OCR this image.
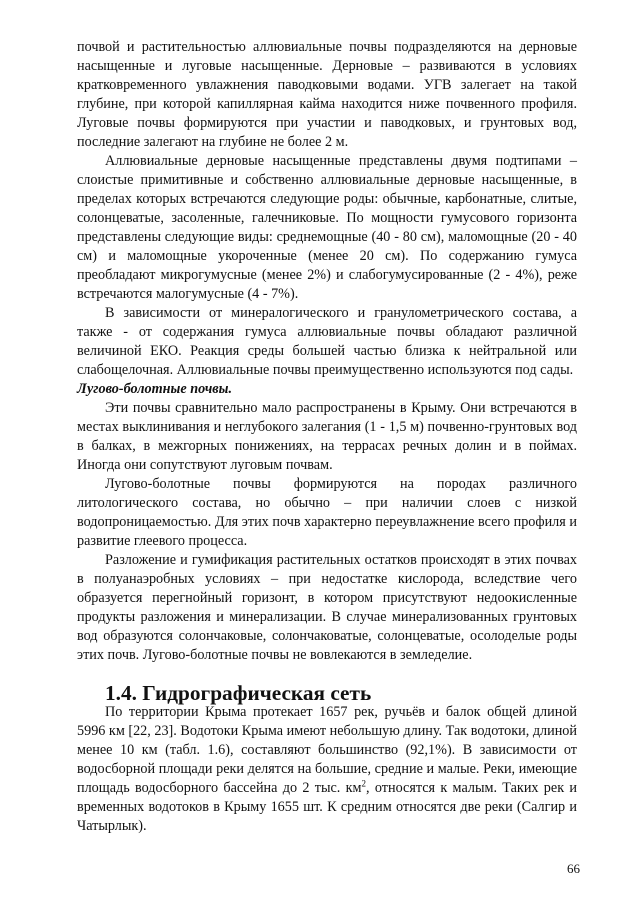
почвой и растительностью аллювиальные почвы подразделяются на дерновые насыщенные и луговые насыщенные. Дерновые – развиваются в условиях кратковременного увлажнения паводковыми водами. УГВ залегает на такой глубине, при которой капиллярная кайма находится ниже почвенного профиля. Луговые почвы формируются при участии и паводковых, и грунтовых вод, последние залегают на глубине не более 2 м.

Аллювиальные дерновые насыщенные представлены двумя подтипами – слоистые примитивные и собственно аллювиальные дерновые насыщенные, в пределах которых встречаются следующие роды: обычные, карбонатные, слитые, солонцеватые, засоленные, галечниковые. По мощности гумусового горизонта представлены следующие виды: среднемощные (40 - 80 см), маломощные (20 - 40 см) и маломощные укороченные (менее 20 см). По содержанию гумуса преобладают микрогумусные (менее 2%) и слабогумусированные (2 - 4%), реже встречаются малогумусные (4 - 7%).

В зависимости от минералогического и гранулометрического состава, а также - от содержания гумуса аллювиальные почвы обладают различной величиной ЕКО. Реакция среды большей частью близка к нейтральной или слабощелочная. Аллювиальные почвы преимущественно используются под сады.

Лугово-болотные почвы.

Эти почвы сравнительно мало распространены в Крыму. Они встречаются в местах выклинивания и неглубокого залегания (1 - 1,5 м) почвенно-грунтовых вод в балках, в межгорных понижениях, на террасах речных долин и в поймах. Иногда они сопутствуют луговым почвам.

Лугово-болотные почвы формируются на породах различного литологического состава, но обычно – при наличии слоев с низкой водопроницаемостью. Для этих почв характерно переувлажнение всего профиля и развитие глеевого процесса.

Разложение и гумификация растительных остатков происходят в этих почвах в полуанаэробных условиях – при недостатке кислорода, вследствие чего образуется перегнойный горизонт, в котором присутствуют недоокисленные продукты разложения и минерализации. В случае минерализованных грунтовых вод образуются солончаковые, солончаковатые, солонцеватые, осолоделые роды этих почв. Лугово-болотные почвы не вовлекаются в земледелие.

1.4. Гидрографическая сеть

По территории Крыма протекает 1657 рек, ручьёв и балок общей длиной 5996 км [22, 23]. Водотоки Крыма имеют небольшую длину. Так водотоки, длиной менее 10 км (табл. 1.6), составляют большинство (92,1%). В зависимости от водосборной площади реки делятся на большие, средние и малые. Реки, имеющие площадь водосборного бассейна до 2 тыс. $км^2$, относятся к малым. Таких рек и временных водотоков в Крыму 1655 шт. К средним относятся две реки (Салгир и Чатырлык).

66
